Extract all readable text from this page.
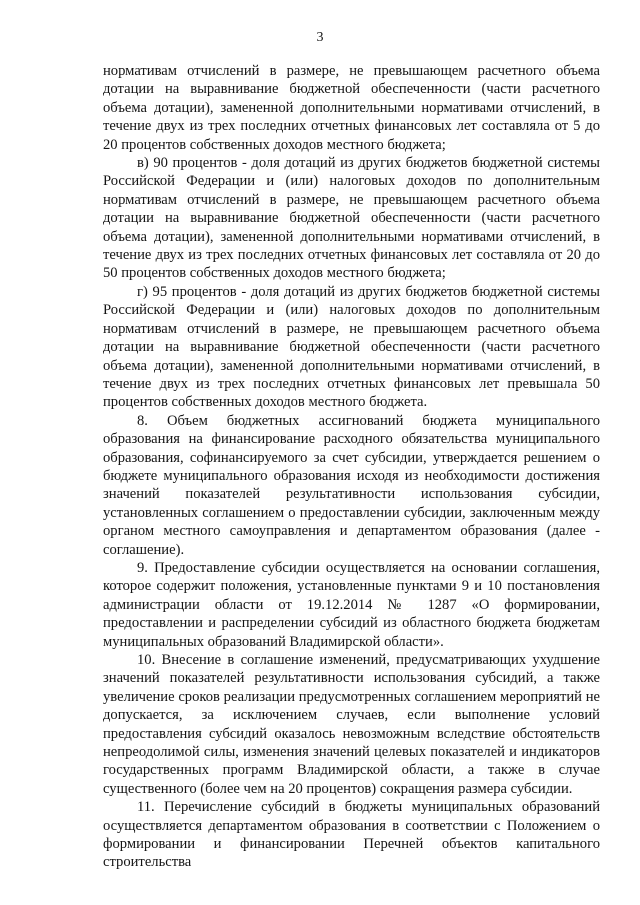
3

нормативам отчислений в размере, не превышающем расчетного объема дотации на выравнивание бюджетной обеспеченности (части расчетного объема дотации), замененной дополнительными нормативами отчислений, в течение двух из трех последних отчетных финансовых лет составляла от 5 до 20 процентов собственных доходов местного бюджета;

в) 90 процентов - доля дотаций из других бюджетов бюджетной системы Российской Федерации и (или) налоговых доходов по дополнительным нормативам отчислений в размере, не превышающем расчетного объема дотации на выравнивание бюджетной обеспеченности (части расчетного объема дотации), замененной дополнительными нормативами отчислений, в течение двух из трех последних отчетных финансовых лет составляла от 20 до 50 процентов собственных доходов местного бюджета;

г) 95 процентов - доля дотаций из других бюджетов бюджетной системы Российской Федерации и (или) налоговых доходов по дополнительным нормативам отчислений в размере, не превышающем расчетного объема дотации на выравнивание бюджетной обеспеченности (части расчетного объема дотации), замененной дополнительными нормативами отчислений, в течение двух из трех последних отчетных финансовых лет превышала 50 процентов собственных доходов местного бюджета.

8. Объем бюджетных ассигнований бюджета муниципального образования на финансирование расходного обязательства муниципального образования, софинансируемого за счет субсидии, утверждается решением о бюджете муниципального образования исходя из необходимости достижения значений показателей результативности использования субсидии, установленных соглашением о предоставлении субсидии, заключенным между органом местного самоуправления и департаментом образования (далее - соглашение).

9. Предоставление субсидии осуществляется на основании соглашения, которое содержит положения, установленные пунктами 9 и 10 постановления администрации области от 19.12.2014 № 1287 «О формировании, предоставлении и распределении субсидий из областного бюджета бюджетам муниципальных образований Владимирской области».

10. Внесение в соглашение изменений, предусматривающих ухудшение значений показателей результативности использования субсидий, а также увеличение сроков реализации предусмотренных соглашением мероприятий не допускается, за исключением случаев, если выполнение условий предоставления субсидий оказалось невозможным вследствие обстоятельств непреодолимой силы, изменения значений целевых показателей и индикаторов государственных программ Владимирской области, а также в случае существенного (более чем на 20 процентов) сокращения размера субсидии.

11. Перечисление субсидий в бюджеты муниципальных образований осуществляется департаментом образования в соответствии с Положением о формировании и финансировании Перечней объектов капитального строительства
